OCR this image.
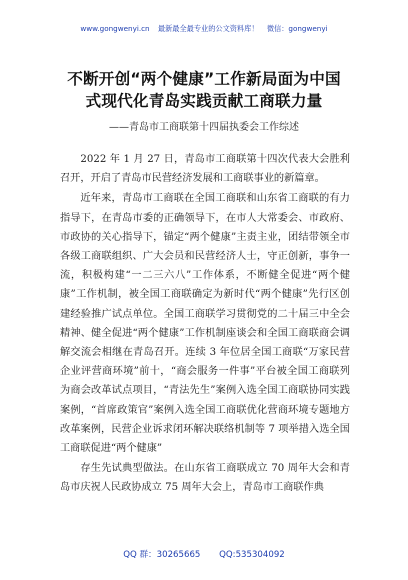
www.gongwenyi.cn 最新最全最专业的公文资料库！ 微信：gongwenyi
不断开创“两个健康”工作新局面为中国
式现代化青岛实践贡献工商联力量
——青岛市工商联第十四届执委会工作综述

2022 年 1 月 27 日，青岛市工商联第十四次代表大会胜利召开，开启了青岛市民营经济发展和工商联事业的新篇章。

近年来，青岛市工商联在全国工商联和山东省工商联的有力指导下，在青岛市委的正确领导下，在市人大常委会、市政府、市政协的关心指导下，锚定“两个健康”主责主业，团结带领全市各级工商联组织、广大会员和民营经济人士，守正创新，事争一流，积极构建“一二三六八”工作体系，不断健全促进“两个健康”工作机制，被全国工商联确定为新时代“两个健康”先行区创建经验推广试点单位。全国工商联学习贯彻党的二十届三中全会精神、健全促进“两个健康”工作机制座谈会和全国工商联商会调解交流会相继在青岛召开。连续 3 年位居全国工商联“万家民营企业评营商环境”前十，“商会服务一件事”平台被全国工商联列为商会改革试点项目，“青法先生”案例入选全国工商联协同实践案例，“首席政策官”案例入选全国工商联优化营商环境专题地方改革案例，民营企业诉求闭环解决联络机制等 7 项举措入选全国工商联促进“两个健康”

存生先试典型做法。在山东省工商联成立 70 周年大会和青岛市庆祝人民政协成立 75 周年大会上，青岛市工商联作典

QQ 群：30265665 QQ:535304092
